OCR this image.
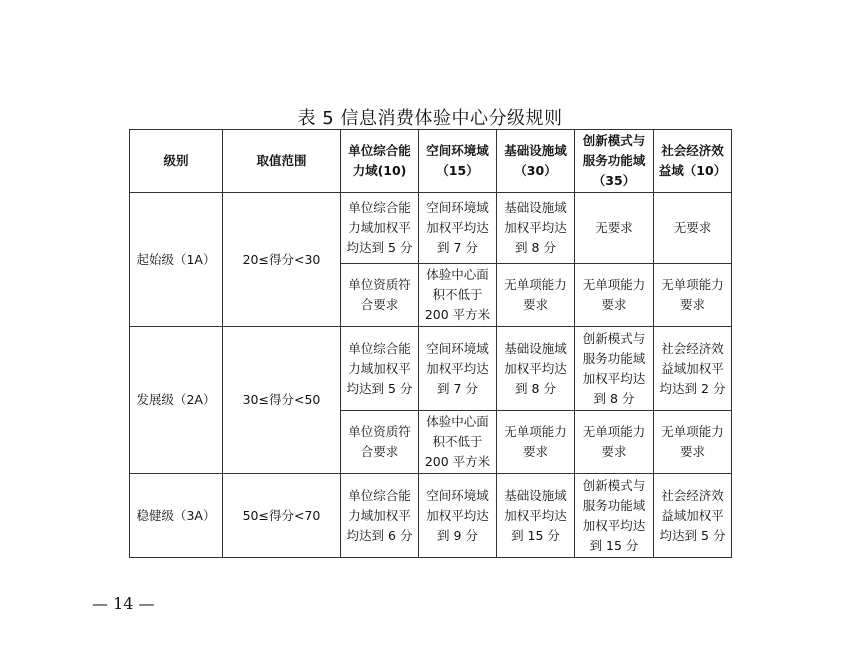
表 5 信息消费体验中心分级规则
级别	取值范围	单位综合能
力域(10)	空间环境域
（15）	基础设施域
（30）	创新模式与
服务功能域
（35）	社会经济效
益域（10）

起始级（1A）	20≤得分<30	单位综合能
力域加权平
均达到 5 分	空间环境域
加权平均达
到 7 分	基础设施域
加权平均达
到 8 分	无要求	无要求

		单位资质符
合要求	体验中心面
积不低于
200 平方米	无单项能力
要求	无单项能力
要求	无单项能力
要求

发展级（2A）	30≤得分<50	单位综合能
力域加权平
均达到 5 分	空间环境域
加权平均达
到 7 分	基础设施域
加权平均达
到 8 分	创新模式与
服务功能域
加权平均达
到 8 分	社会经济效
益域加权平
均达到 2 分

		单位资质符
合要求	体验中心面
积不低于
200 平方米	无单项能力
要求	无单项能力
要求	无单项能力
要求

稳健级（3A）	50≤得分<70	单位综合能
力域加权平
均达到 6 分	空间环境域
加权平均达
到 9 分	基础设施域
加权平均达
到 15 分	创新模式与
服务功能域
加权平均达
到 15 分	社会经济效
益域加权平
均达到 5 分
— 14 —
